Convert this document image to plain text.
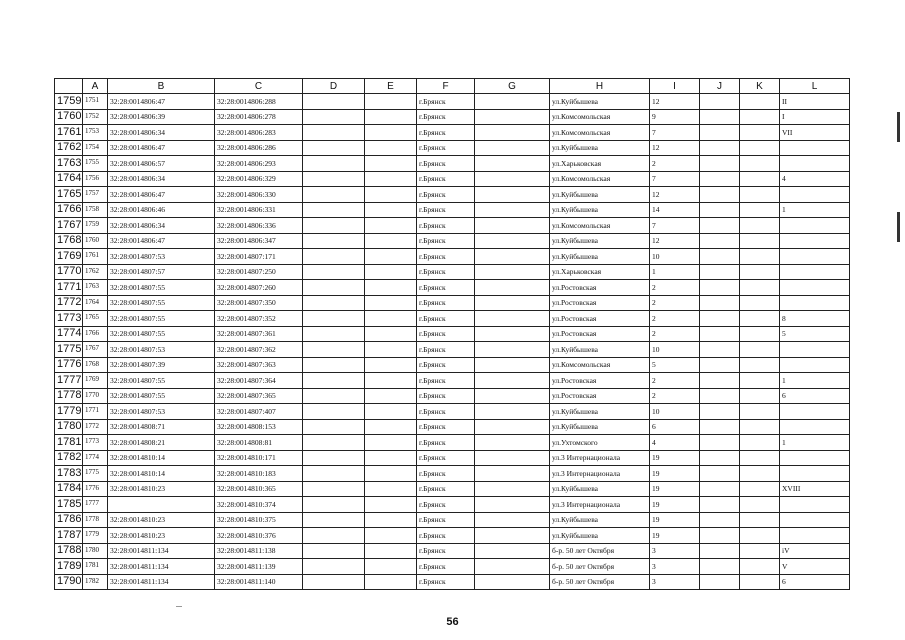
	A	B	C	D	E	F	G	H	I	J	K	L
1759	1751	32:28:0014806:47	32:28:0014806:288			г.Брянск		ул.Куйбышева	12			II
1760	1752	32:28:0014806:39	32:28:0014806:278			г.Брянск		ул.Комсомольская	9			I
1761	1753	32:28:0014806:34	32:28:0014806:283			г.Брянск		ул.Комсомольская	7			VII
1762	1754	32:28:0014806:47	32:28:0014806:286			г.Брянск		ул.Куйбышева	12			
1763	1755	32:28:0014806:57	32:28:0014806:293			г.Брянск		ул.Харьковская	2			
1764	1756	32:28:0014806:34	32:28:0014806:329			г.Брянск		ул.Комсомольская	7			4
1765	1757	32:28:0014806:47	32:28:0014806:330			г.Брянск		ул.Куйбышева	12			
1766	1758	32:28:0014806:46	32:28:0014806:331			г.Брянск		ул.Куйбышева	14			1
1767	1759	32:28:0014806:34	32:28:0014806:336			г.Брянск		ул.Комсомольская	7			
1768	1760	32:28:0014806:47	32:28:0014806:347			г.Брянск		ул.Куйбышева	12			
1769	1761	32:28:0014807:53	32:28:0014807:171			г.Брянск		ул.Куйбышева	10			
1770	1762	32:28:0014807:57	32:28:0014807:250			г.Брянск		ул.Харьковская	1			
1771	1763	32:28:0014807:55	32:28:0014807:260			г.Брянск		ул.Ростовская	2			
1772	1764	32:28:0014807:55	32:28:0014807:350			г.Брянск		ул.Ростовская	2			
1773	1765	32:28:0014807:55	32:28:0014807:352			г.Брянск		ул.Ростовская	2			8
1774	1766	32:28:0014807:55	32:28:0014807:361			г.Брянск		ул.Ростовская	2			5
1775	1767	32:28:0014807:53	32:28:0014807:362			г.Брянск		ул.Куйбышева	10			
1776	1768	32:28:0014807:39	32:28:0014807:363			г.Брянск		ул.Комсомольская	5			
1777	1769	32:28:0014807:55	32:28:0014807:364			г.Брянск		ул.Ростовская	2			1
1778	1770	32:28:0014807:55	32:28:0014807:365			г.Брянск		ул.Ростовская	2			6
1779	1771	32:28:0014807:53	32:28:0014807:407			г.Брянск		ул.Куйбышева	10			
1780	1772	32:28:0014808:71	32:28:0014808:153			г.Брянск		ул.Куйбышева	6			
1781	1773	32:28:0014808:21	32:28:0014808:81			г.Брянск		ул.Ухтомского	4			1
1782	1774	32:28:0014810:14	32:28:0014810:171			г.Брянск		ул.3 Интернационала	19			
1783	1775	32:28:0014810:14	32:28:0014810:183			г.Брянск		ул.3 Интернационала	19			
1784	1776	32:28:0014810:23	32:28:0014810:365			г.Брянск		ул.Куйбышева	19			XVIII
1785	1777		32:28:0014810:374			г.Брянск		ул.3 Интернационала	19			
1786	1778	32:28:0014810:23	32:28:0014810:375			г.Брянск		ул.Куйбышева	19			
1787	1779	32:28:0014810:23	32:28:0014810:376			г.Брянск		ул.Куйбышева	19			
1788	1780	32:28:0014811:134	32:28:0014811:138			г.Брянск		б-р. 50 лет Октября	3			iV
1789	1781	32:28:0014811:134	32:28:0014811:139			г.Брянск		б-р. 50 лет Октября	3			V
1790	1782	32:28:0014811:134	32:28:0014811:140			г.Брянск		б-р. 50 лет Октября	3			6
56
